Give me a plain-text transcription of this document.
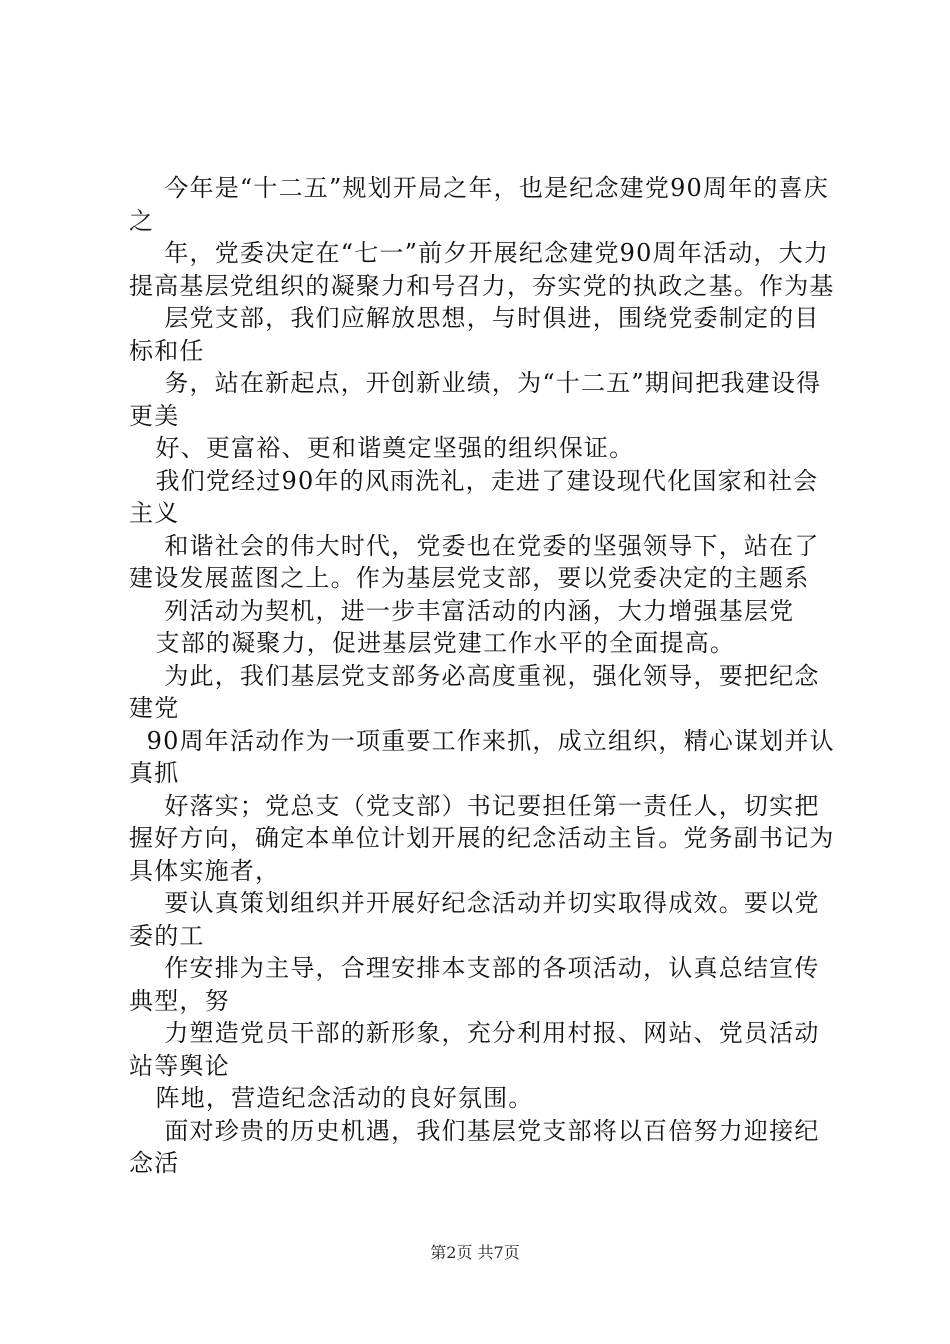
今年是“十二五”规划开局之年，也是纪念建党90周年的喜庆之

年，党委决定在“七一”前夕开展纪念建党90周年活动，大力提高基层党组织的凝聚力和号召力，夯实党的执政之基。作为基

层党支部，我们应解放思想，与时俱进，围绕党委制定的目标和任

务，站在新起点，开创新业绩，为“十二五”期间把我建设得更美

好、更富裕、更和谐奠定坚强的组织保证。

我们党经过90年的风雨洗礼，走进了建设现代化国家和社会主义

和谐社会的伟大时代，党委也在党委的坚强领导下，站在了建设发展蓝图之上。作为基层党支部，要以党委决定的主题系

列活动为契机，进一步丰富活动的内涵，大力增强基层党

支部的凝聚力，促进基层党建工作水平的全面提高。

为此，我们基层党支部务必高度重视，强化领导，要把纪念建党

90周年活动作为一项重要工作来抓，成立组织，精心谋划并认真抓

好落实；党总支（党支部）书记要担任第一责任人，切实把握好方向，确定本单位计划开展的纪念活动主旨。党务副书记为具体实施者，

要认真策划组织并开展好纪念活动并切实取得成效。要以党委的工

作安排为主导，合理安排本支部的各项活动，认真总结宣传典型，努

力塑造党员干部的新形象，充分利用村报、网站、党员活动站等舆论

阵地，营造纪念活动的良好氛围。

面对珍贵的历史机遇，我们基层党支部将以百倍努力迎接纪念活

第2页 共7页
